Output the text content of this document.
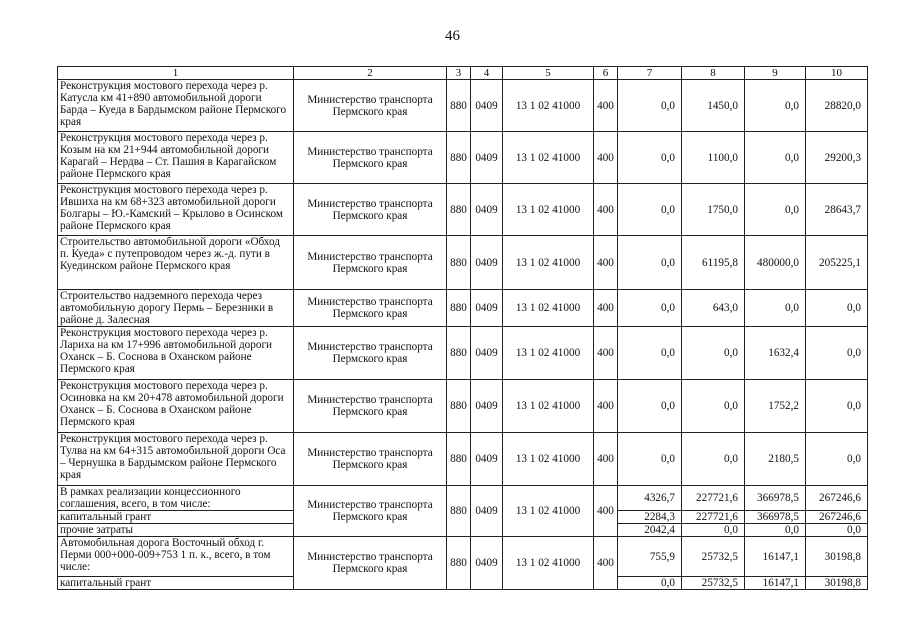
46
1	2	3	4	5	6	7	8	9	10
Реконструкция мостового перехода через р. Катусла км 41+890 автомобильной дороги Барда – Куеда в Бардымском районе Пермского края	Министерство транспорта Пермского края	880	0409	13 1 02 41000	400	0,0	1450,0	0,0	28820,0
Реконструкция мостового перехода через р. Козым на км 21+944 автомобильной дороги Карагай – Нердва – Ст. Пашия в Карагайском районе Пермского края	Министерство транспорта Пермского края	880	0409	13 1 02 41000	400	0,0	1100,0	0,0	29200,3
Реконструкция мостового перехода через р. Ившиха на км 68+323 автомобильной дороги Болгары – Ю.-Камский – Крылово в Осинском районе Пермского края	Министерство транспорта Пермского края	880	0409	13 1 02 41000	400	0,0	1750,0	0,0	28643,7
Строительство автомобильной дороги «Обход п. Куеда» с путепроводом через ж.-д. пути в Куединском районе Пермского края	Министерство транспорта Пермского края	880	0409	13 1 02 41000	400	0,0	61195,8	480000,0	205225,1
Строительство надземного перехода через автомобильную дорогу Пермь – Березники в районе д. Залесная	Министерство транспорта Пермского края	880	0409	13 1 02 41000	400	0,0	643,0	0,0	0,0
Реконструкция мостового перехода через р. Лариха на км 17+996 автомобильной дороги Оханск – Б. Соснова в Оханском районе Пермского края	Министерство транспорта Пермского края	880	0409	13 1 02 41000	400	0,0	0,0	1632,4	0,0
Реконструкция мостового перехода через р. Осиновка на км 20+478 автомобильной дороги Оханск – Б. Соснова в Оханском районе Пермского края	Министерство транспорта Пермского края	880	0409	13 1 02 41000	400	0,0	0,0	1752,2	0,0
Реконструкция мостового перехода через р. Тулва на км 64+315 автомобильной дороги Оса – Чернушка в Бардымском районе Пермского края	Министерство транспорта Пермского края	880	0409	13 1 02 41000	400	0,0	0,0	2180,5	0,0
В рамках реализации концессионного соглашения, всего, в том числе:	Министерство транспорта Пермского края	880	0409	13 1 02 41000	400	4326,7	227721,6	366978,5	267246,6
капитальный грант						2284,3	227721,6	366978,5	267246,6
прочие затраты						2042,4	0,0	0,0	0,0
Автомобильная дорога Восточный обход г. Перми 000+000-009+753 1 п. к., всего, в том числе:	Министерство транспорта Пермского края	880	0409	13 1 02 41000	400	755,9	25732,5	16147,1	30198,8
капитальный грант						0,0	25732,5	16147,1	30198,8
